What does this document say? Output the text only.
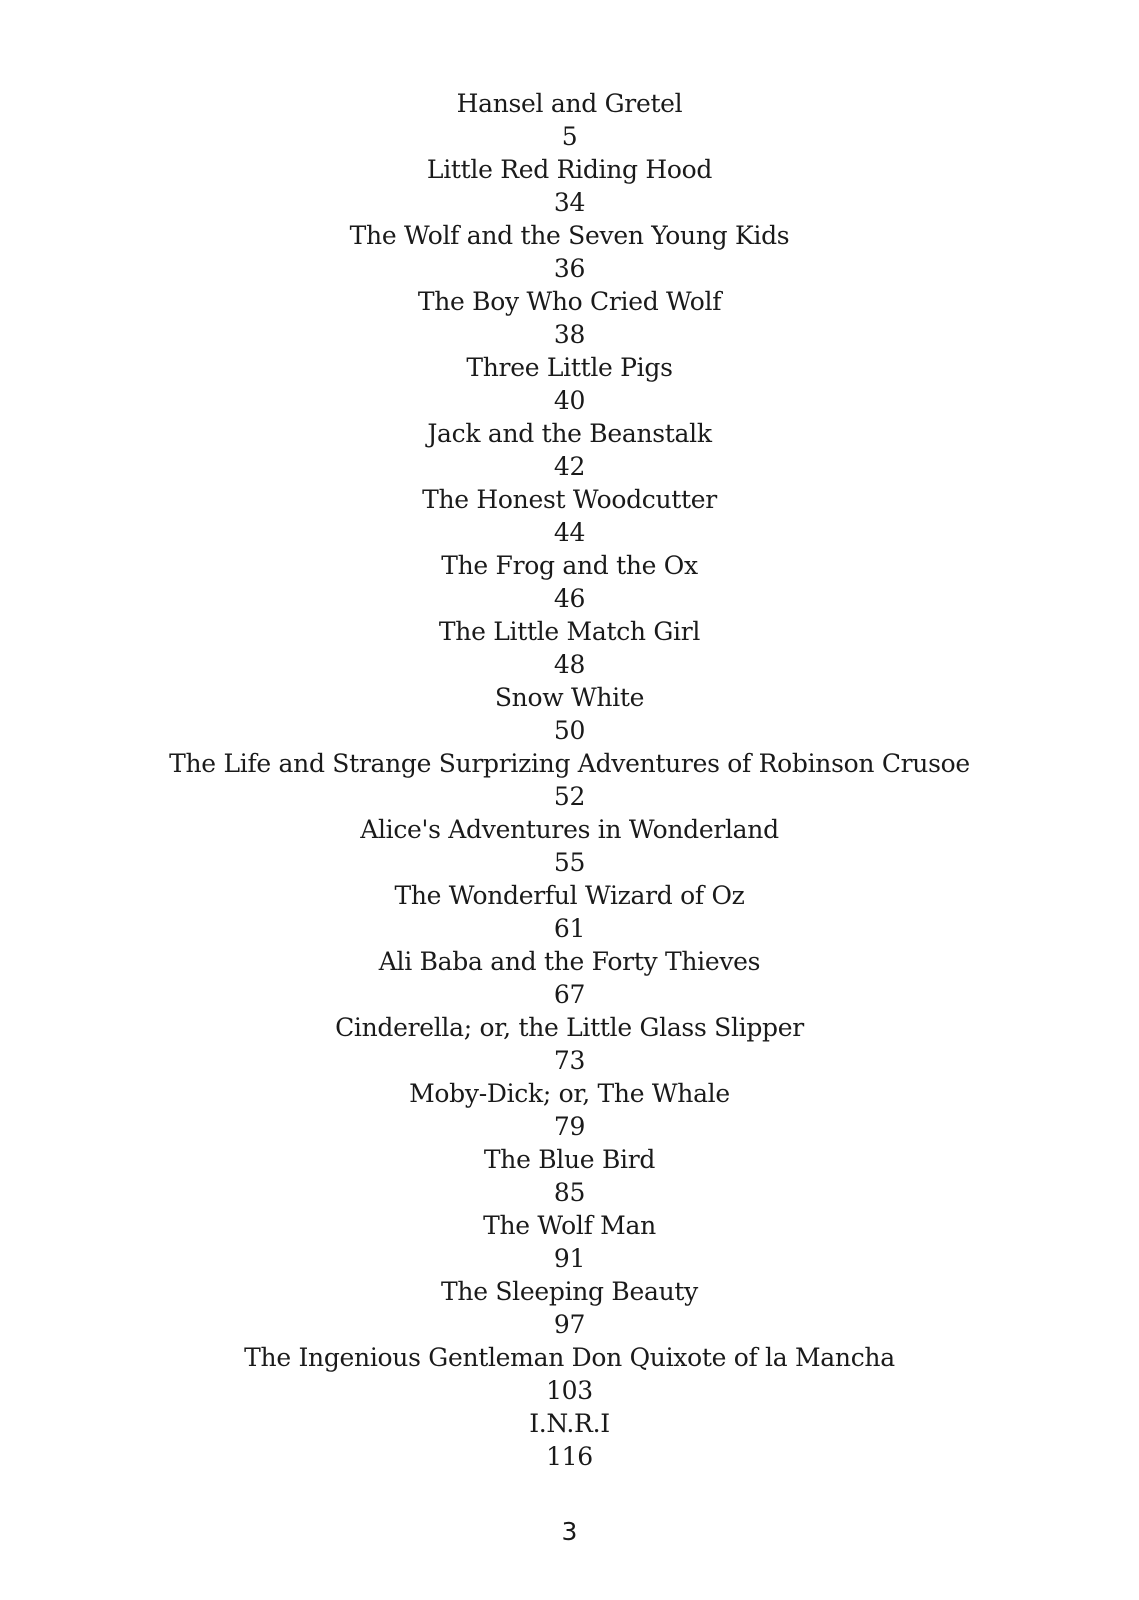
Hansel and Gretel
5
Little Red Riding Hood
34
The Wolf and the Seven Young Kids
36
The Boy Who Cried Wolf
38
Three Little Pigs
40
Jack and the Beanstalk
42
The Honest Woodcutter
44
The Frog and the Ox
46
The Little Match Girl
48
Snow White
50
The Life and Strange Surprizing Adventures of Robinson Crusoe
52
Alice's Adventures in Wonderland
55
The Wonderful Wizard of Oz
61
Ali Baba and the Forty Thieves
67
Cinderella; or, the Little Glass Slipper
73
Moby-Dick; or, The Whale
79
The Blue Bird
85
The Wolf Man
91
The Sleeping Beauty
97
The Ingenious Gentleman Don Quixote of la Mancha
103
I.N.R.I
116
3
